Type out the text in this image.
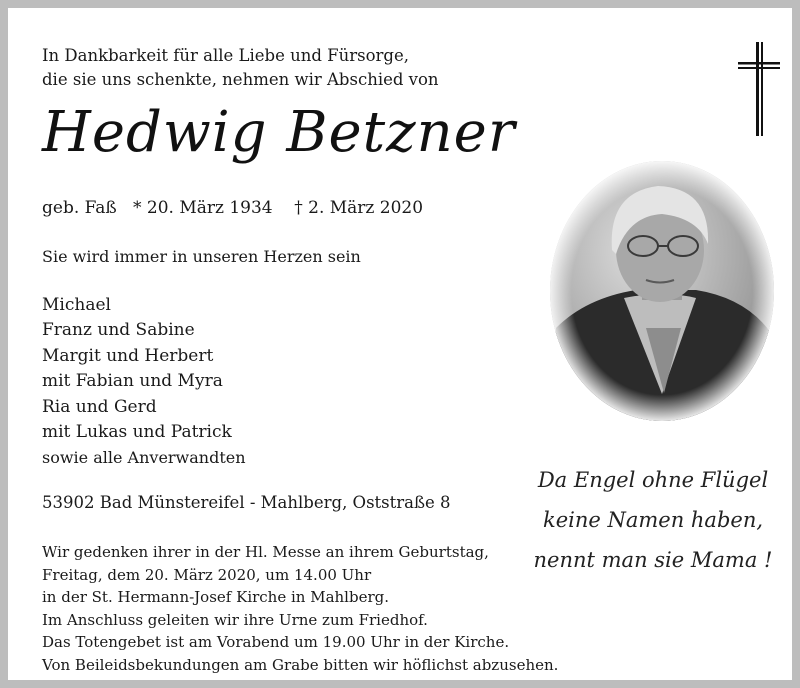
In Dankbarkeit für alle Liebe und Fürsorge,
die sie uns schenkte, nehmen wir Abschied von
Hedwig Betzner
geb. Faß   * 20. März 1934    † 2. März 2020
Sie wird immer in unseren Herzen sein
Michael
Franz und Sabine
Margit und Herbert
mit Fabian und Myra
Ria und Gerd
mit Lukas und Patrick
sowie alle Anverwandten
53902 Bad Münstereifel - Mahlberg, Oststraße 8
Wir gedenken ihrer in der Hl. Messe an ihrem Geburtstag,
Freitag, dem 20. März 2020, um 14.00 Uhr
in der St. Hermann-Josef Kirche in Mahlberg.
Im Anschluss geleiten wir ihre Urne zum Friedhof.
Das Totengebet ist am Vorabend um 19.00 Uhr in der Kirche.
Von Beileidsbekundungen am Grabe bitten wir höflichst abzusehen.
Da Engel ohne Flügel
keine Namen haben,
nennt man sie Mama !
